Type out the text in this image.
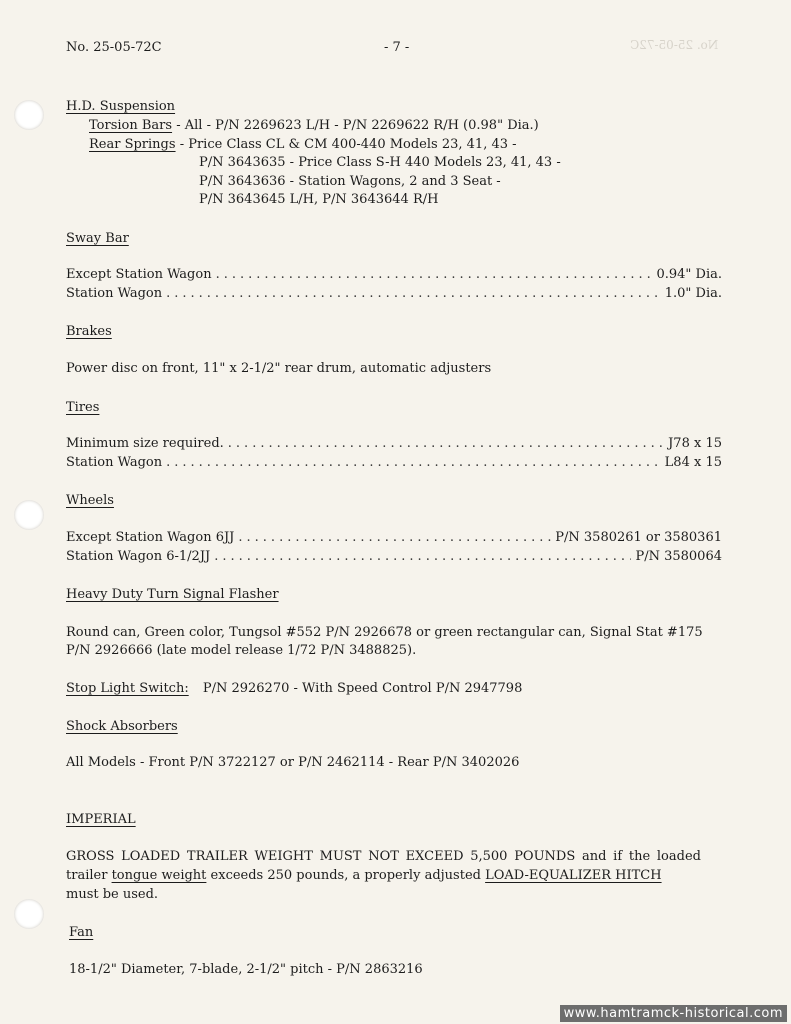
No. 25-05-72C
No. 25-05-72C	- 7 -
H.D. Suspension
Torsion Bars - All - P/N 2269623 L/H - P/N 2269622 R/H (0.98" Dia.)
Rear Springs - Price Class CL & CM 400-440 Models 23, 41, 43 -
P/N 3643635 - Price Class S-H 440 Models 23, 41, 43 -
P/N 3643636 - Station Wagons, 2 and 3 Seat -
P/N 3643645 L/H, P/N 3643644 R/H
Sway Bar
Except Station Wagon .....	0.94" Dia.
Station Wagon .....	1.0" Dia.
Brakes
Power disc on front, 11" x 2-1/2" rear drum, automatic adjusters
Tires
Minimum size required. .....	J78 x 15
Station Wagon .....	L84 x 15
Wheels
Except Station Wagon 6JJ .....	P/N 3580261 or 3580361
Station Wagon 6-1/2JJ .....	P/N 3580064
Heavy Duty Turn Signal Flasher
Round can, Green color, Tungsol #552 P/N 2926678 or green rectangular can, Signal Stat #175
P/N 2926666 (late model release 1/72 P/N 3488825).
Stop Light Switch: P/N 2926270 - With Speed Control P/N 2947798
Shock Absorbers
All Models - Front P/N 3722127 or P/N 2462114 - Rear P/N 3402026
IMPERIAL
GROSS LOADED TRAILER WEIGHT MUST NOT EXCEED 5,500 POUNDS and if the loaded
trailer tongue weight exceeds 250 pounds, a properly adjusted LOAD-EQUALIZER HITCH
must be used.
Fan
18-1/2" Diameter, 7-blade, 2-1/2" pitch - P/N 2863216
www.hamtramck-historical.com
